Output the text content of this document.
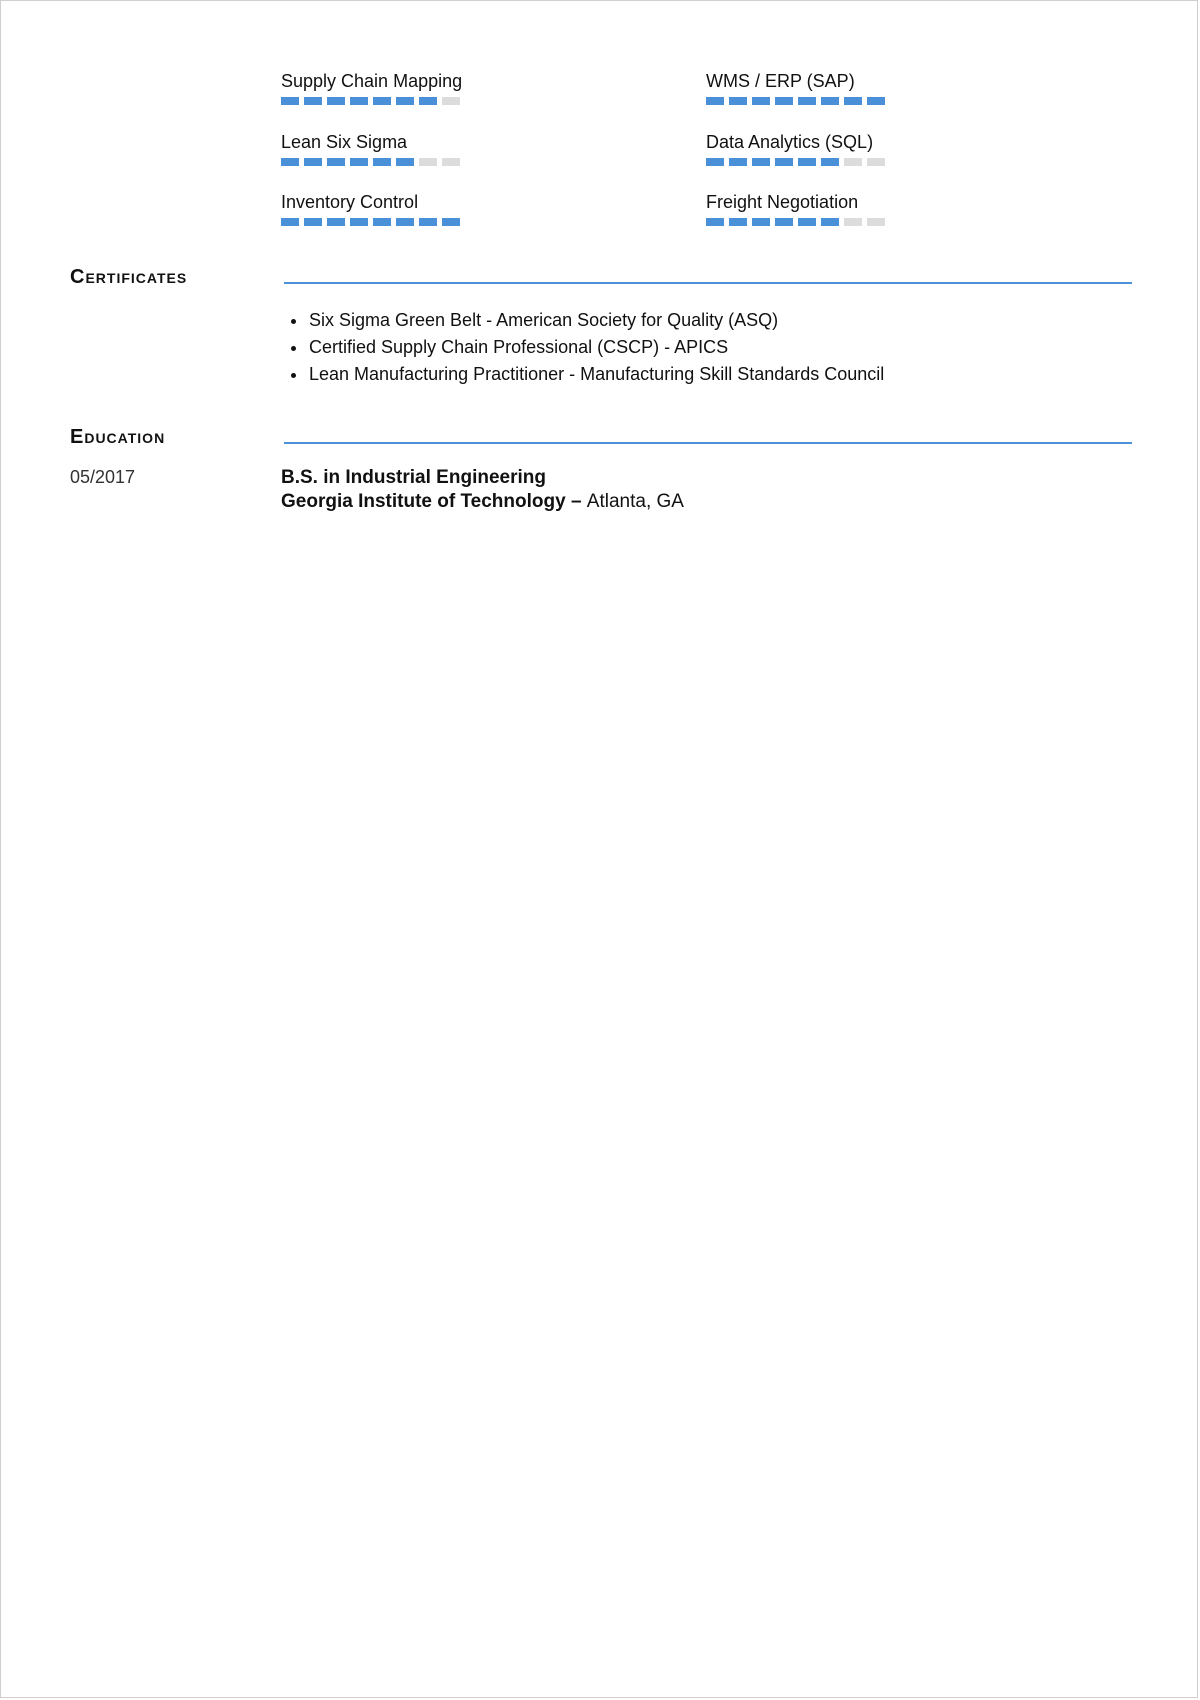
Supply Chain Mapping	WMS / ERP (SAP)
Lean Six Sigma	Data Analytics (SQL)
Inventory Control	Freight Negotiation
Certificates
• Six Sigma Green Belt - American Society for Quality (ASQ)
• Certified Supply Chain Professional (CSCP) - APICS
• Lean Manufacturing Practitioner - Manufacturing Skill Standards Council
Education
05/2017	B.S. in Industrial Engineering
Georgia Institute of Technology – Atlanta, GA
